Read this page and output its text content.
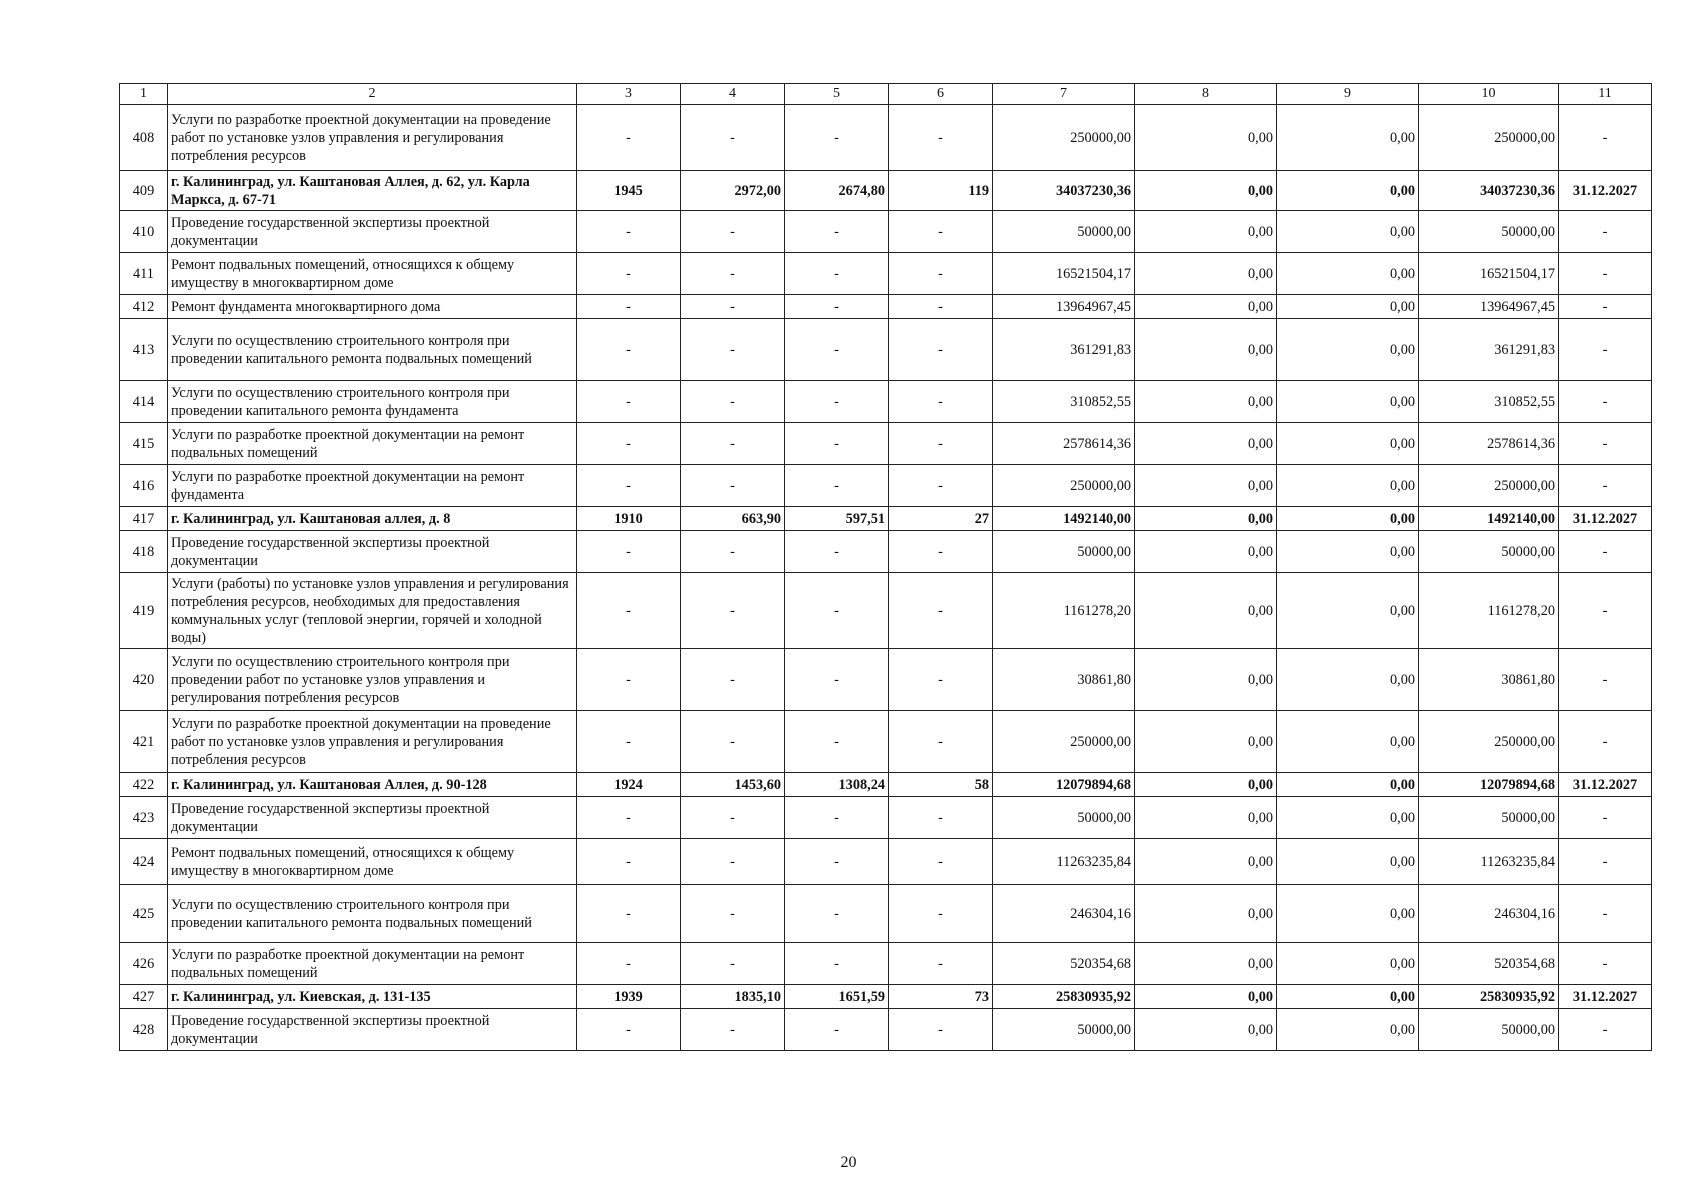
1	2	3	4	5	6	7	8	9	10	11
408	Услуги по разработке проектной документации на проведение работ по установке узлов управления и регулирования потребления ресурсов	-	-	-	-	250000,00	0,00	0,00	250000,00	-
409	г. Калининград, ул. Каштановая Аллея, д. 62, ул. Карла Маркса, д. 67-71	1945	2972,00	2674,80	119	34037230,36	0,00	0,00	34037230,36	31.12.2027
410	Проведение государственной экспертизы проектной документации	-	-	-	-	50000,00	0,00	0,00	50000,00	-
411	Ремонт подвальных помещений, относящихся к общему имуществу в многоквартирном доме	-	-	-	-	16521504,17	0,00	0,00	16521504,17	-
412	Ремонт фундамента многоквартирного дома	-	-	-	-	13964967,45	0,00	0,00	13964967,45	-
413	Услуги по осуществлению строительного контроля при проведении капитального ремонта подвальных помещений	-	-	-	-	361291,83	0,00	0,00	361291,83	-
414	Услуги по осуществлению строительного контроля при проведении капитального ремонта фундамента	-	-	-	-	310852,55	0,00	0,00	310852,55	-
415	Услуги по разработке проектной документации на ремонт подвальных помещений	-	-	-	-	2578614,36	0,00	0,00	2578614,36	-
416	Услуги по разработке проектной документации на ремонт фундамента	-	-	-	-	250000,00	0,00	0,00	250000,00	-
417	г. Калининград, ул. Каштановая аллея, д. 8	1910	663,90	597,51	27	1492140,00	0,00	0,00	1492140,00	31.12.2027
418	Проведение государственной экспертизы проектной документации	-	-	-	-	50000,00	0,00	0,00	50000,00	-
419	Услуги (работы) по установке узлов управления и регулирования потребления ресурсов, необходимых для предоставления коммунальных услуг (тепловой энергии, горячей и холодной воды)	-	-	-	-	1161278,20	0,00	0,00	1161278,20	-
420	Услуги по осуществлению строительного контроля при проведении работ по установке узлов управления и регулирования потребления ресурсов	-	-	-	-	30861,80	0,00	0,00	30861,80	-
421	Услуги по разработке проектной документации на проведение работ по установке узлов управления и регулирования потребления ресурсов	-	-	-	-	250000,00	0,00	0,00	250000,00	-
422	г. Калининград, ул. Каштановая Аллея, д. 90-128	1924	1453,60	1308,24	58	12079894,68	0,00	0,00	12079894,68	31.12.2027
423	Проведение государственной экспертизы проектной документации	-	-	-	-	50000,00	0,00	0,00	50000,00	-
424	Ремонт подвальных помещений, относящихся к общему имуществу в многоквартирном доме	-	-	-	-	11263235,84	0,00	0,00	11263235,84	-
425	Услуги по осуществлению строительного контроля при проведении капитального ремонта подвальных помещений	-	-	-	-	246304,16	0,00	0,00	246304,16	-
426	Услуги по разработке проектной документации на ремонт подвальных помещений	-	-	-	-	520354,68	0,00	0,00	520354,68	-
427	г. Калининград, ул. Киевская, д. 131-135	1939	1835,10	1651,59	73	25830935,92	0,00	0,00	25830935,92	31.12.2027
428	Проведение государственной экспертизы проектной документации	-	-	-	-	50000,00	0,00	0,00	50000,00	-
20
